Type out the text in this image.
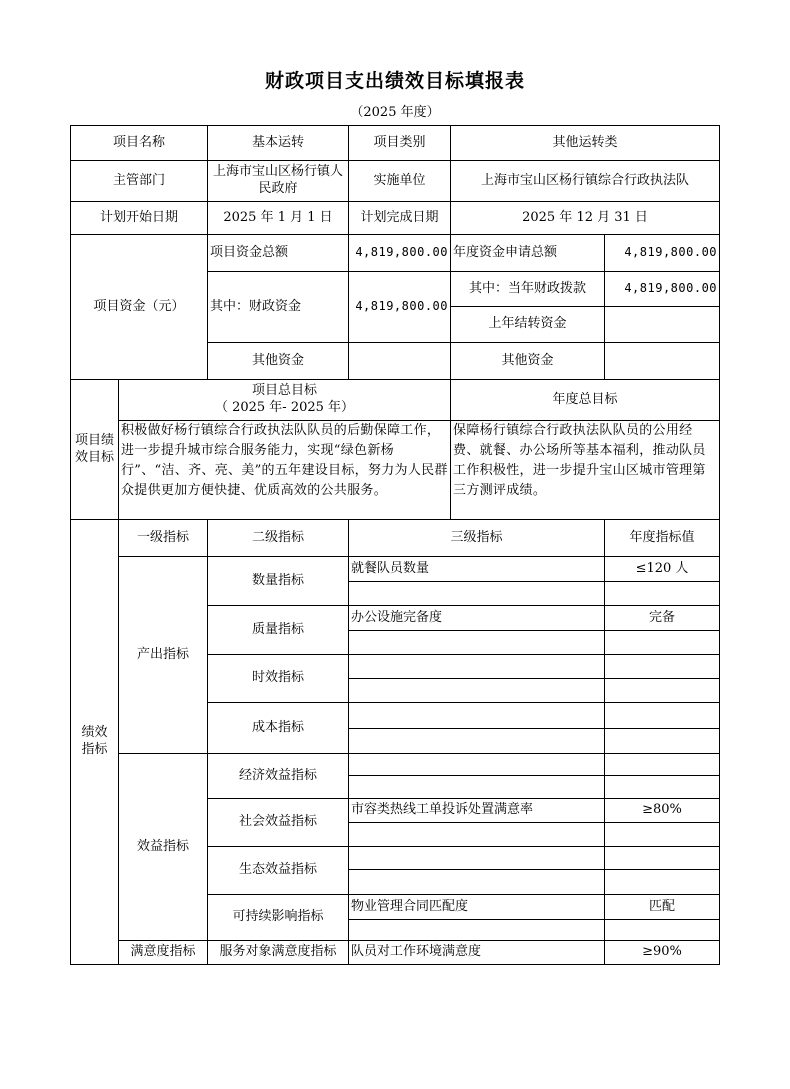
财政项目支出绩效目标填报表
（2025 年度）
项目名称		基本运转	项目类别	其他运转类	
主管部门		上海市宝山区杨行镇人民政府	实施单位	上海市宝山区杨行镇综合行政执法队	
计划开始日期		2025 年 1 月 1 日	计划完成日期	2025 年 12 月 31 日	
项目资金（元）		项目资金总额	4,819,800.00	年度资金申请总额	4,819,800.00
		其中：财政资金	4,819,800.00	其中：当年财政拨款	4,819,800.00
				上年结转资金	
		其他资金		其他资金	
项目绩效目标	项目总目标
（ 2025 年- 2025 年）			年度总目标	
	积极做好杨行镇综合行政执法队队员的后勤保障工作，进一步提升城市综合服务能力，实现“绿色新杨行”、“洁、齐、亮、美”的五年建设目标，努力为人民群众提供更加方便快捷、优质高效的公共服务。			保障杨行镇综合行政执法队队员的公用经费、就餐、办公场所等基本福利，推动队员工作积极性，进一步提升宝山区城市管理第三方测评成绩。	
绩效指标	一级指标	二级指标	三级指标		年度指标值
	产出指标	数量指标	就餐队员数量		≤120 人

		质量指标	办公设施完备度		完备

		时效指标			

		成本指标			

	效益指标	经济效益指标			

		社会效益指标	市容类热线工单投诉处置满意率		≥80%

		生态效益指标			

		可持续影响指标	物业管理合同匹配度		匹配

	满意度指标	服务对象满意度指标	队员对工作环境满意度		≥90%
